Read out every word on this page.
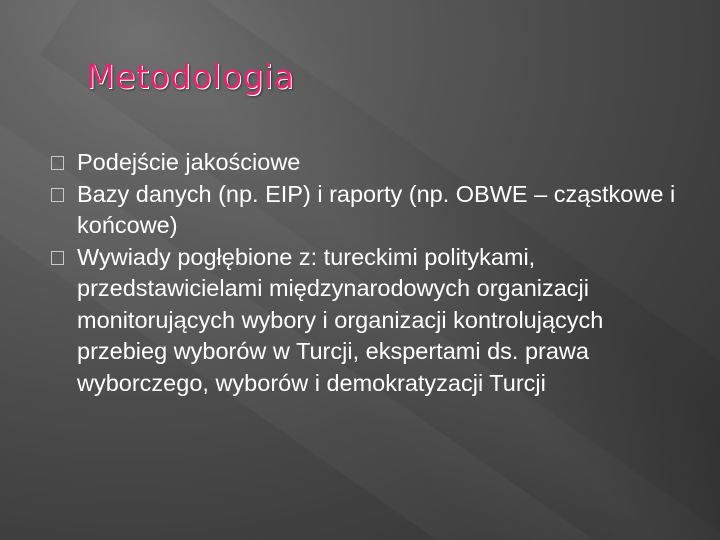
Metodologia
Podejście jakościowe
Bazy danych (np. EIP) i raporty (np. OBWE – cząstkowe i końcowe)
Wywiady pogłębione z: tureckimi politykami, przedstawicielami międzynarodowych organizacji monitorujących wybory i organizacji kontrolujących przebieg wyborów w Turcji, ekspertami ds. prawa wyborczego, wyborów i demokratyzacji Turcji
